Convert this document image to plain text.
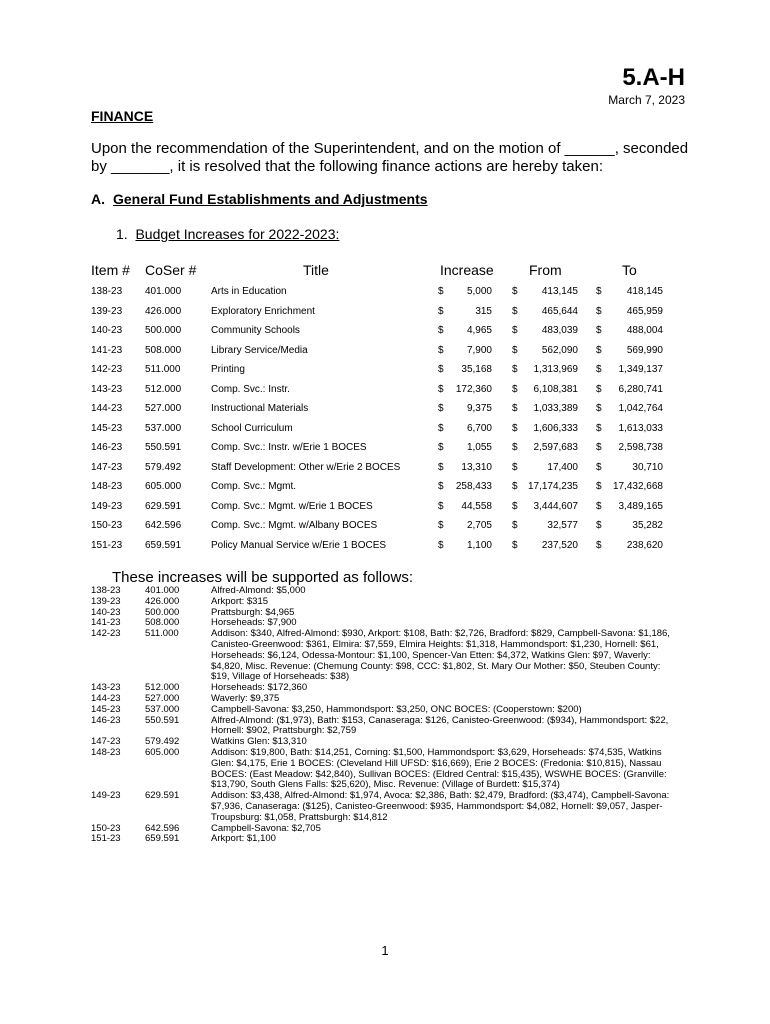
5.A-H
March 7, 2023
FINANCE
Upon the recommendation of the Superintendent, and on the motion of ______, seconded by _______, it is resolved that the following finance actions are hereby taken:
A. General Fund Establishments and Adjustments
1. Budget Increases for 2022-2023:
Item # CoSer #	Title	Increase	From	To
138-23 401.000	Arts in Education	$ 5,000 $ 413,145 $	418,145
139-23 426.000	Exploratory Enrichment	$	315 $ 465,644 $	465,959
140-23 500.000	Community Schools	$ 4,965 $ 483,039 $	488,004
141-23 508.000	Library Service/Media	$ 7,900 $ 562,090 $	569,990
142-23 511.000	Printing	$ 35,168 $ 1,313,969 $ 1,349,137
143-23 512.000	Comp. Svc.: Instr.	$ 172,360 $ 6,108,381 $ 6,280,741
144-23 527.000	Instructional Materials	$ 9,375 $ 1,033,389 $ 1,042,764
145-23 537.000	School Curriculum	$ 6,700 $ 1,606,333 $ 1,613,033
146-23 550.591	Comp. Svc.: Instr. w/Erie 1 BOCES	$ 1,055 $ 2,597,683 $ 2,598,738
147-23 579.492	Staff Development: Other w/Erie 2 BOCES	$ 13,310 $	17,400 $	30,710
148-23 605.000	Comp. Svc.: Mgmt.	$ 258,433 $ 17,174,235 $ 17,432,668
149-23 629.591	Comp. Svc.: Mgmt. w/Erie 1 BOCES	$ 44,558 $ 3,444,607 $ 3,489,165
150-23 642.596	Comp. Svc.: Mgmt. w/Albany BOCES	$ 2,705 $	32,577 $	35,282
151-23 659.591	Policy Manual Service w/Erie 1 BOCES	$ 1,100 $ 237,520 $	238,620
These increases will be supported as follows:
138-23	401.000	Alfred-Almond: $5,000
139-23	426.000	Arkport: $315
140-23	500.000	Prattsburgh: $4,965
141-23	508.000	Horseheads: $7,900
142-23	511.000	Addison: $340, Alfred-Almond: $930, Arkport: $108, Bath: $2,726, Bradford: $829, Campbell-Savona: $1,186, Canisteo-Greenwood: $361, Elmira: $7,559, Elmira Heights: $1,318, Hammondsport: $1,230, Hornell: $61, Horseheads: $6,124, Odessa-Montour: $1,100, Spencer-Van Etten: $4,372, Watkins Glen: $97, Waverly: $4,820, Misc. Revenue: (Chemung County: $98, CCC: $1,802, St. Mary Our Mother: $50, Steuben County: $19, Village of Horseheads: $38)
143-23	512.000	Horseheads: $172,360
144-23	527.000	Waverly: $9,375
145-23	537.000	Campbell-Savona: $3,250, Hammondsport: $3,250, ONC BOCES: (Cooperstown: $200)
146-23	550.591	Alfred-Almond: ($1,973), Bath: $153, Canaseraga: $126, Canisteo-Greenwood: ($934), Hammondsport: $22, Hornell: $902, Prattsburgh: $2,759
147-23	579.492	Watkins Glen: $13,310
148-23	605.000	Addison: $19,800, Bath: $14,251, Corning: $1,500, Hammondsport: $3,629, Horseheads: $74,535, Watkins Glen: $4,175, Erie 1 BOCES: (Cleveland Hill UFSD: $16,669), Erie 2 BOCES: (Fredonia: $10,815), Nassau BOCES: (East Meadow: $42,840), Sullivan BOCES: (Eldred Central: $15,435), WSWHE BOCES: (Granville: $13,790, South Glens Falls: $25,620), Misc. Revenue: (Village of Burdett: $15,374)
149-23	629.591	Addison: $3,438, Alfred-Almond: $1,974, Avoca: $2,386, Bath: $2,479, Bradford: ($3,474), Campbell-Savona: $7,936, Canaseraga: ($125), Canisteo-Greenwood: $935, Hammondsport: $4,082, Hornell: $9,057, Jasper-Troupsburg: $1,058, Prattsburgh: $14,812
150-23	642.596	Campbell-Savona: $2,705
151-23	659.591	Arkport: $1,100
1
